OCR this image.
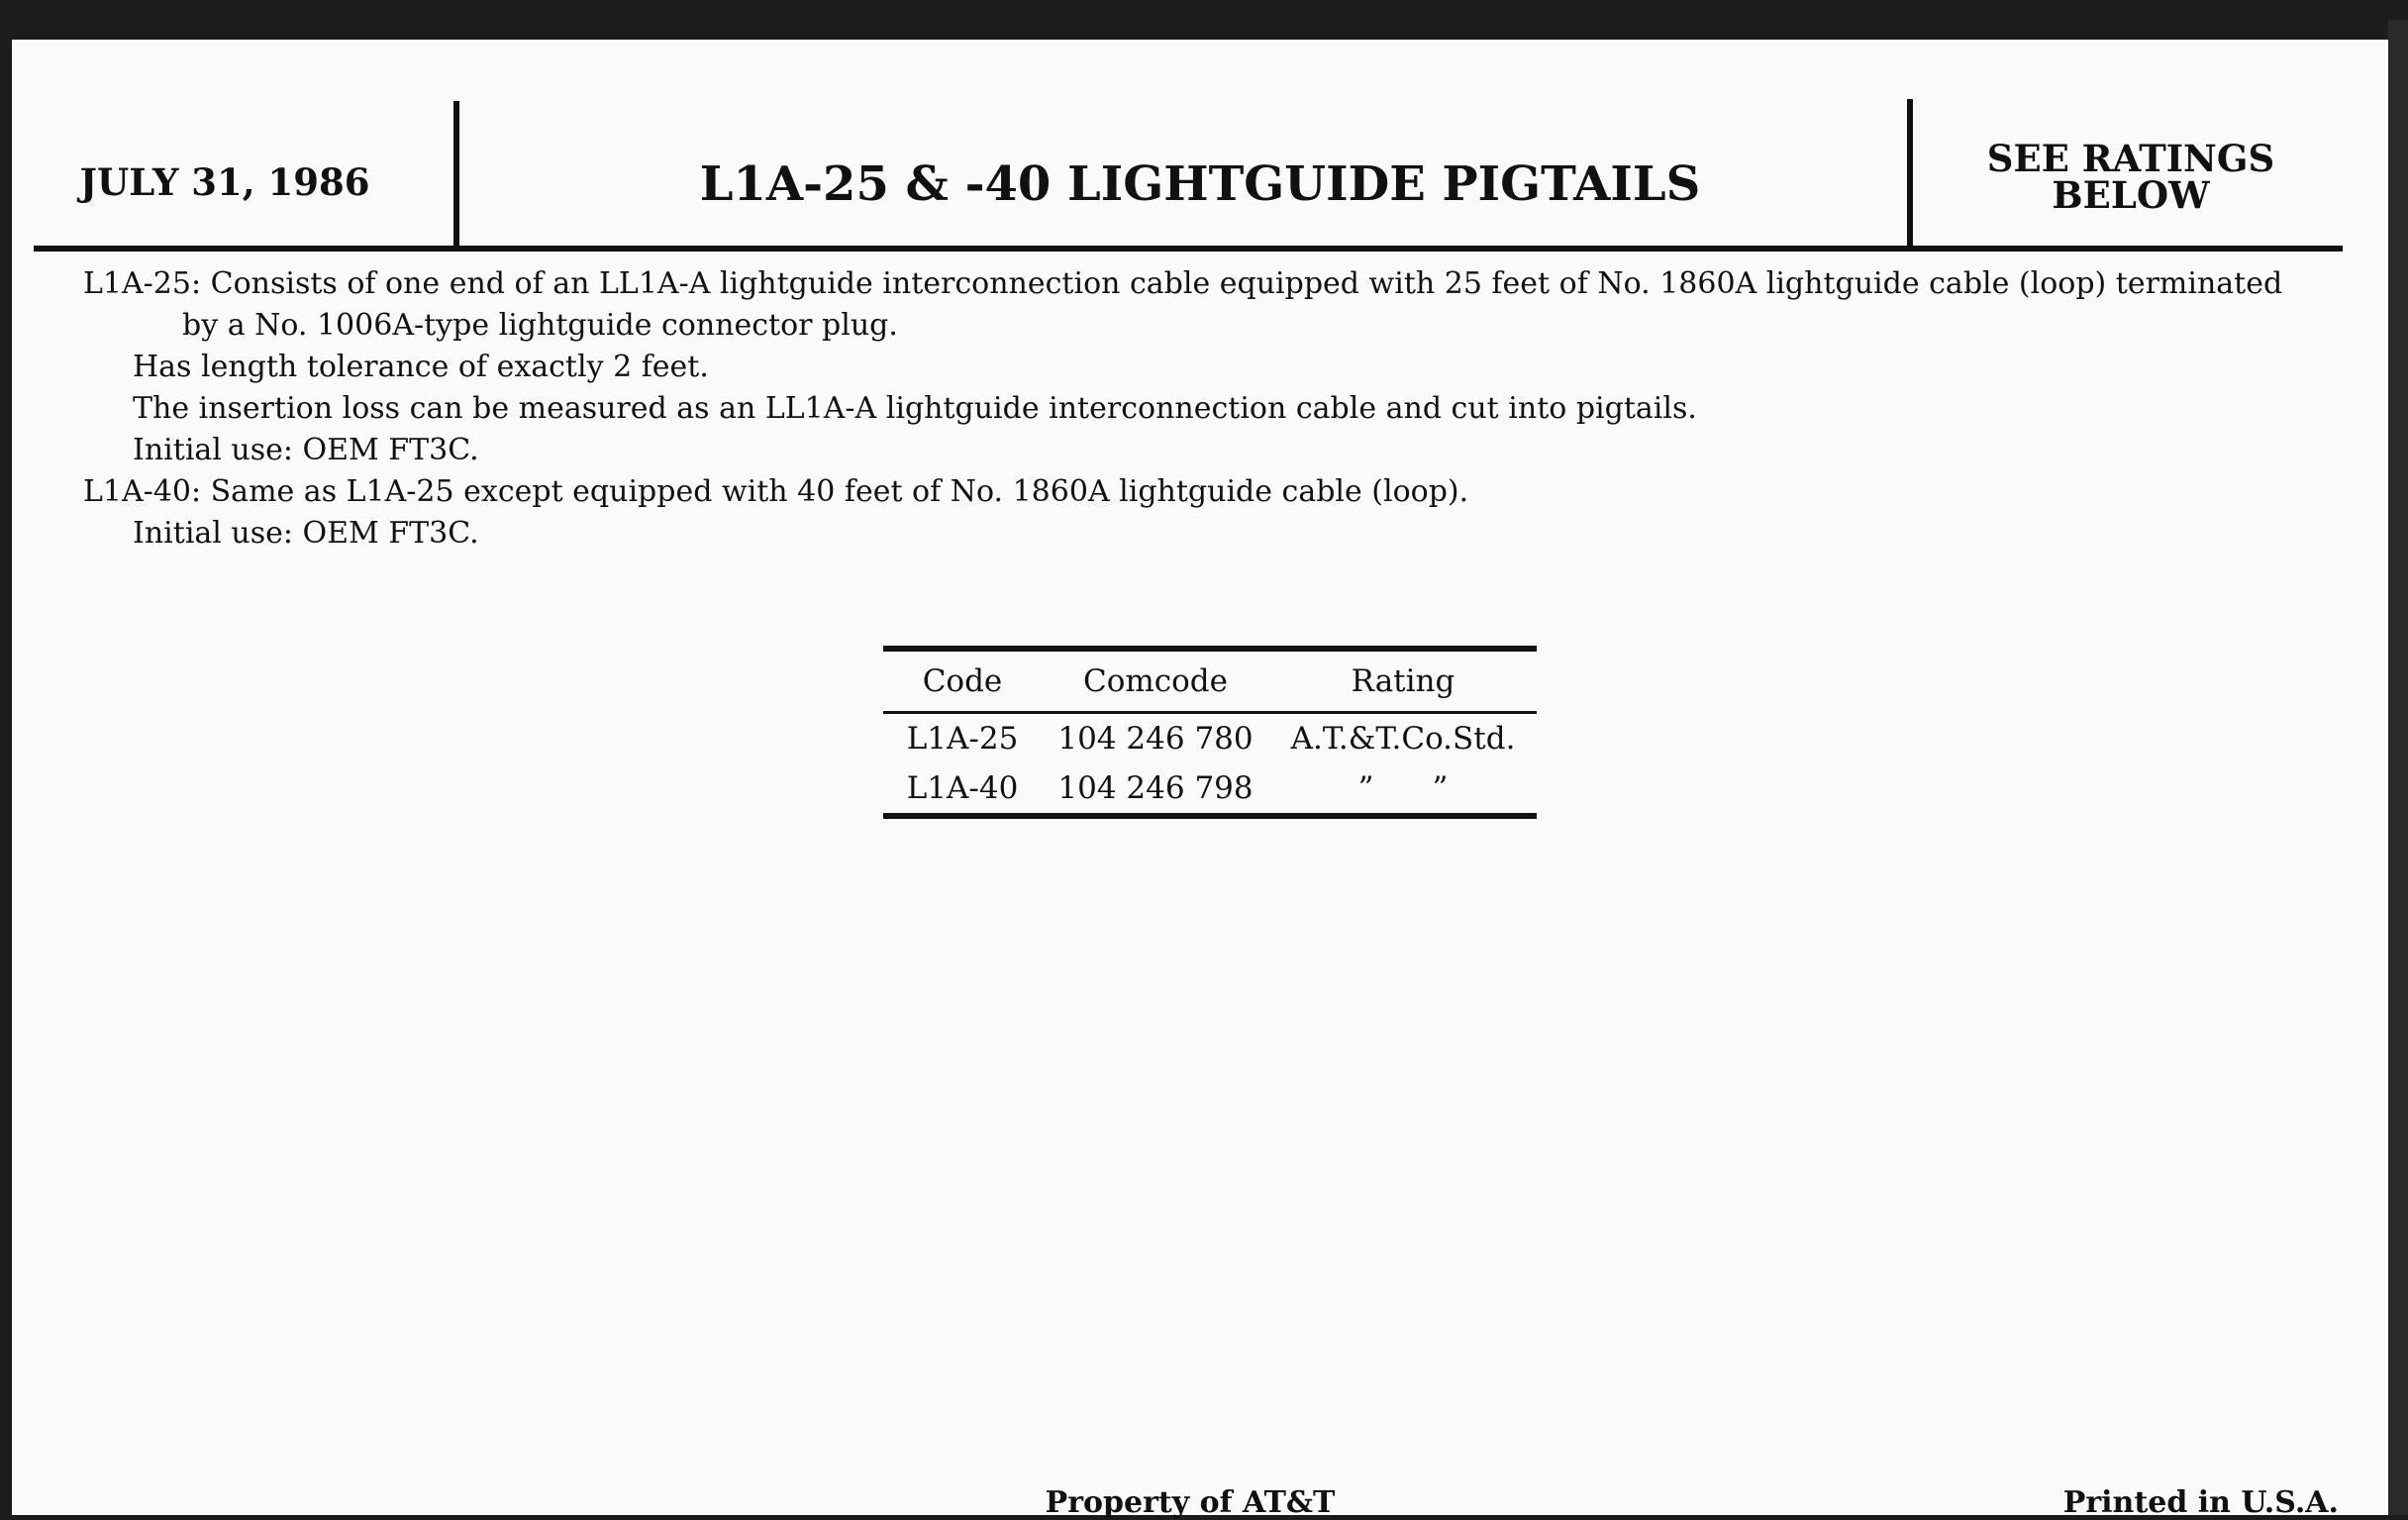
JULY 31, 1986	L1A-25 & -40 LIGHTGUIDE PIGTAILS	SEE RATINGS
BELOW

L1A-25: Consists of one end of an LL1A-A lightguide interconnection cable equipped with 25 feet of No. 1860A lightguide cable (loop) terminated by a No. 1006A-type lightguide connector plug.

Has length tolerance of exactly 2 feet.

The insertion loss can be measured as an LL1A-A lightguide interconnection cable and cut into pigtails.

Initial use: OEM FT3C.

L1A-40: Same as L1A-25 except equipped with 40 feet of No. 1860A lightguide cable (loop).

Initial use: OEM FT3C.

Code	Comcode	Rating
L1A-25	104 246 780	A.T.&T.Co.Std.
L1A-40	104 246 798	”      ”
Property of AT&T	Printed in U.S.A.
